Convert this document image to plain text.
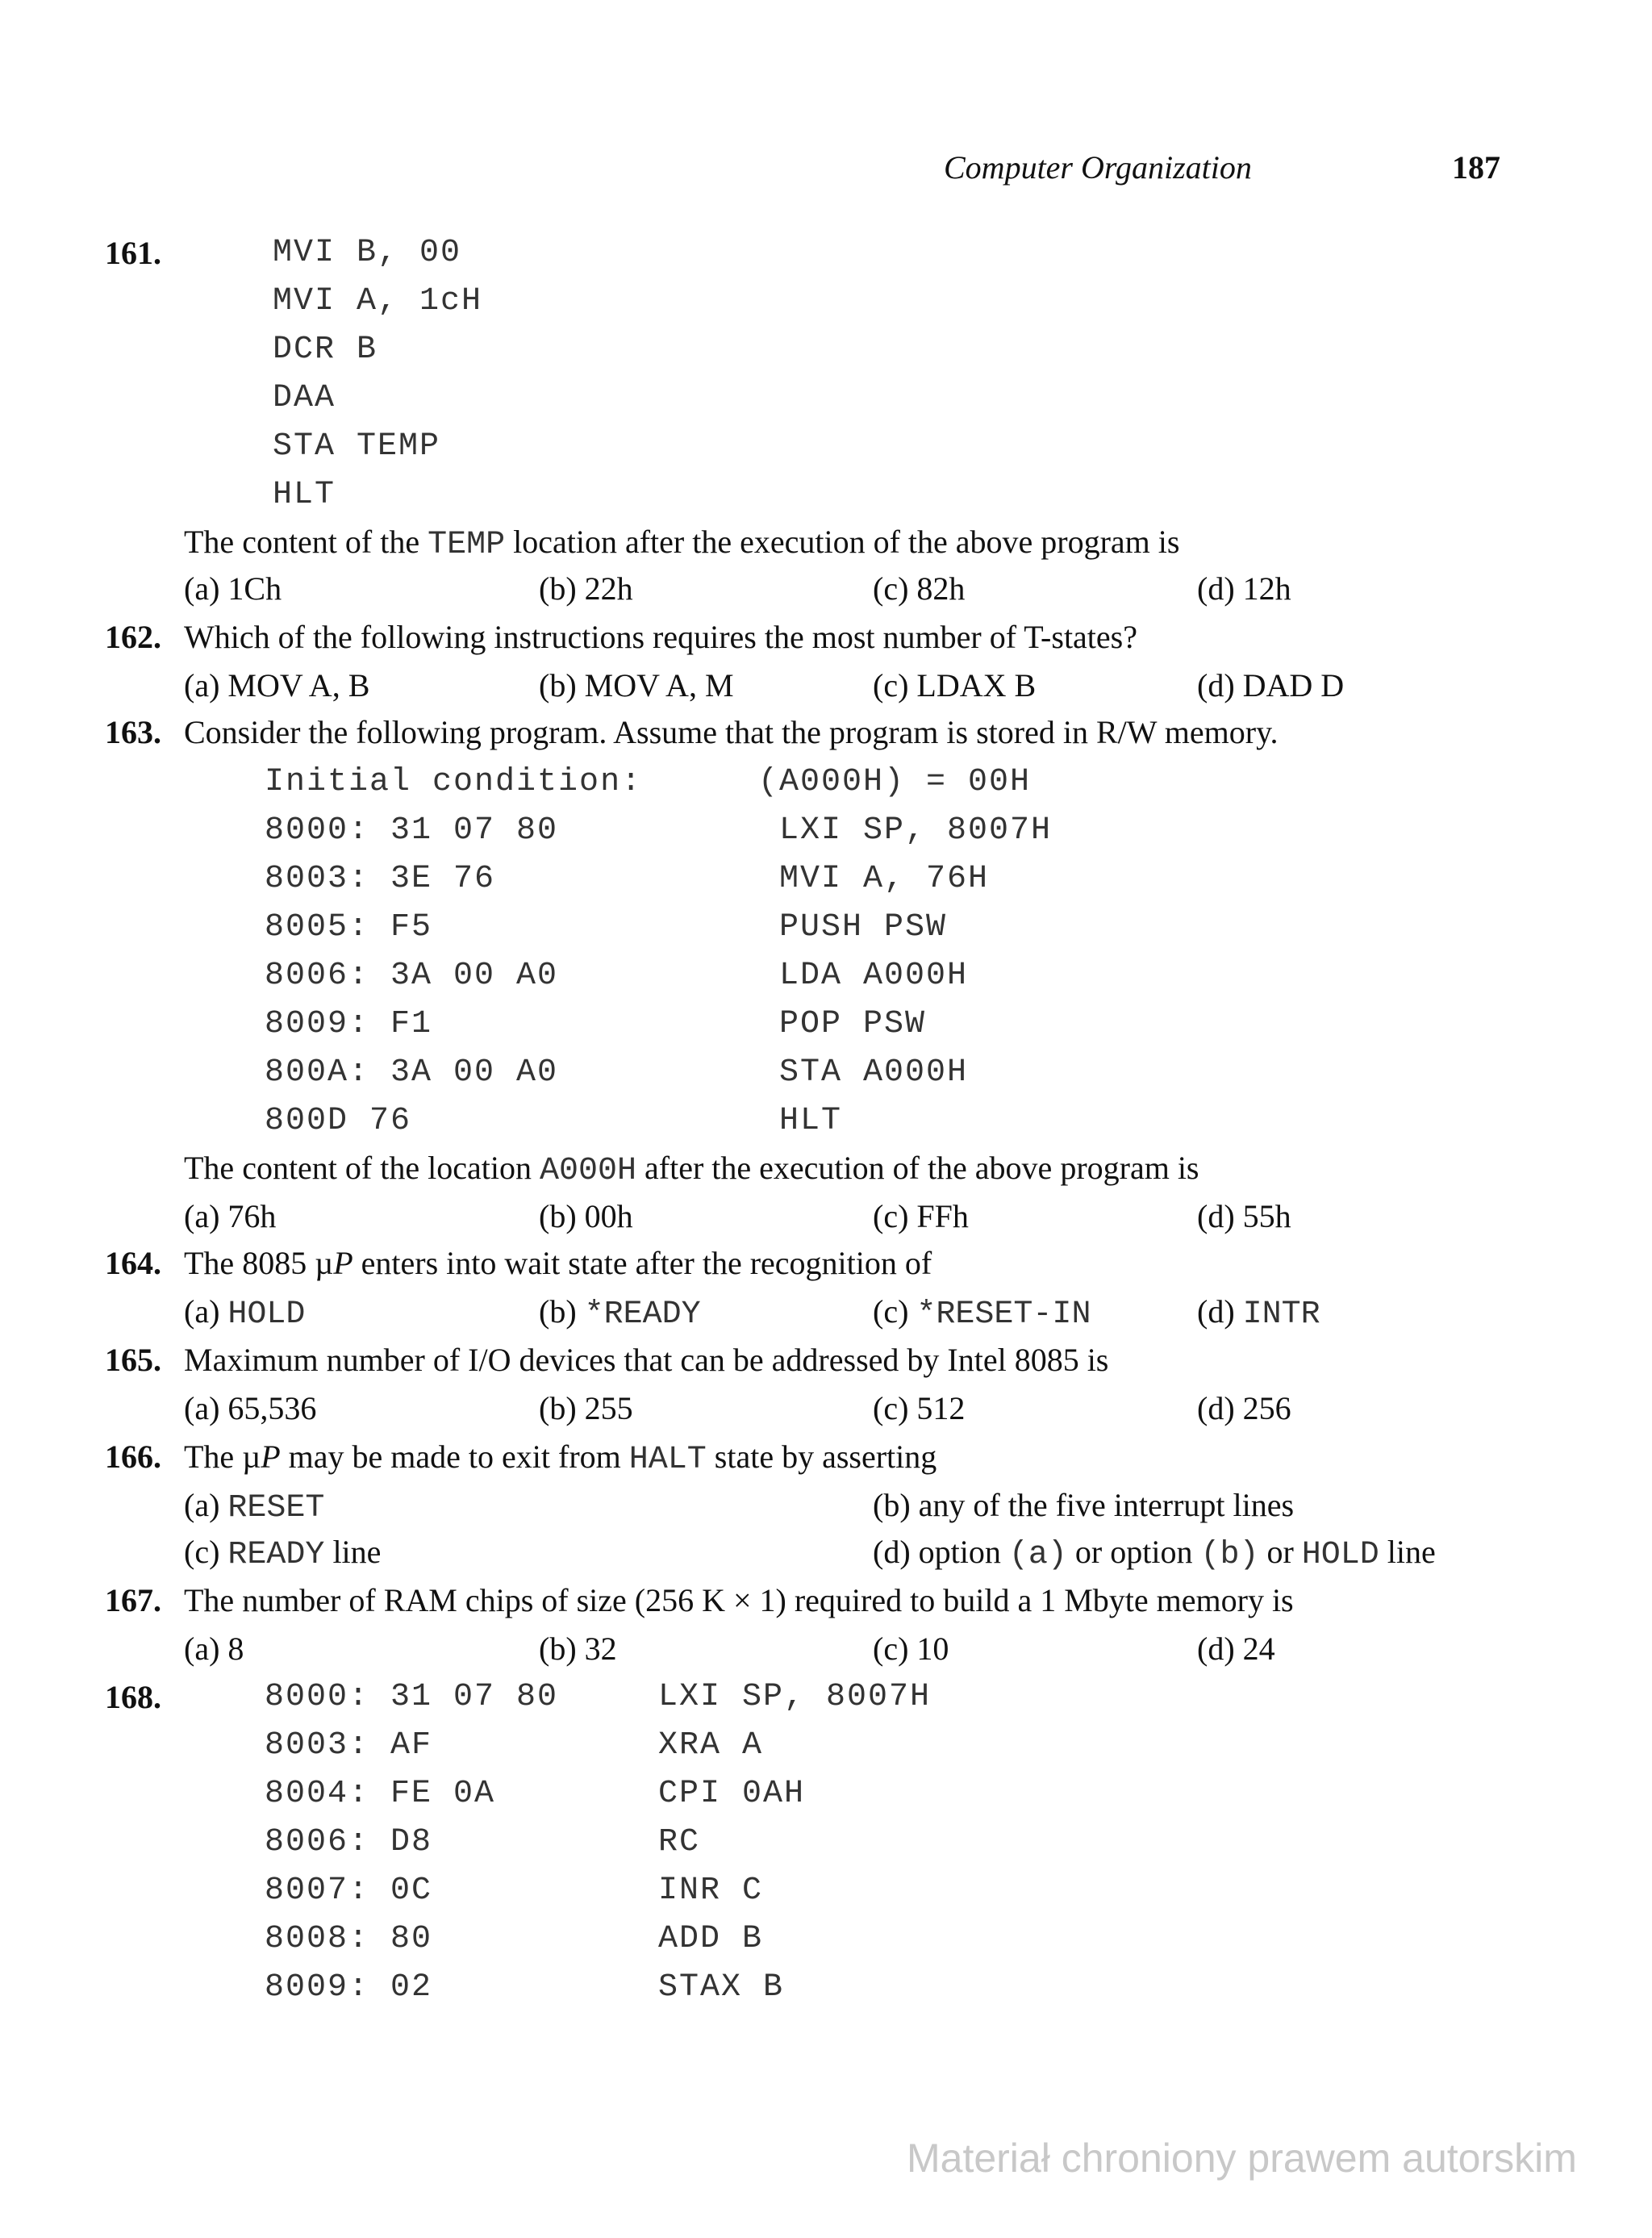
Computer Organization	187
161.	MVI B, 00
MVI A, 1cH
DCR B
DAA
STA TEMP
HLT
The content of the TEMP location after the execution of the above program is
(a) 1Ch	(b) 22h	(c) 82h	(d) 12h
162. Which of the following instructions requires the most number of T-states?
(a) MOV A, B	(b) MOV A, M	(c) LDAX B	(d) DAD D
163. Consider the following program. Assume that the program is stored in R/W memory.
Initial condition:	(A000H) = 00H
8000: 31 07 80	LXI SP, 8007H
8003: 3E 76	MVI A, 76H
8005: F5	PUSH PSW
8006: 3A 00 A0	LDA A000H
8009: F1	POP PSW
800A: 3A 00 A0	STA A000H
800D 76	HLT
The content of the location A000H after the execution of the above program is
(a) 76h	(b) 00h	(c) FFh	(d) 55h
164. The 8085 µP enters into wait state after the recognition of
(a) HOLD	(b) *READY	(c) *RESET-IN	(d) INTR
165. Maximum number of I/O devices that can be addressed by Intel 8085 is
(a) 65,536	(b) 255	(c) 512	(d) 256
166. The µP may be made to exit from HALT state by asserting
(a) RESET	(b) any of the five interrupt lines
(c) READY line	(d) option (a) or option (b) or HOLD line
167. The number of RAM chips of size (256 K × 1) required to build a 1 Mbyte memory is
(a) 8	(b) 32	(c) 10	(d) 24
168.	8000: 31 07 80	LXI SP, 8007H
8003: AF	XRA A
8004: FE 0A	CPI 0AH
8006: D8	RC
8007: 0C	INR C
8008: 80	ADD B
8009: 02	STAX B
Materiał chroniony prawem autorskim
